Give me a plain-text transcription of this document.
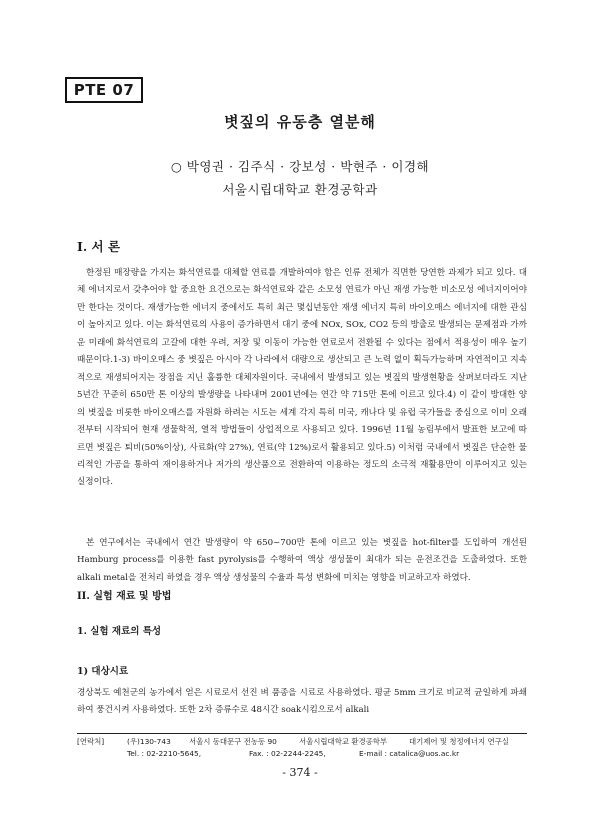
PTE 07
볏짚의 유동층 열분해
○ 박영권 · 김주식 · 강보성 · 박현주 · 이경해
서울시립대학교 환경공학과
I. 서 론

한정된 매장량을 가지는 화석연료를 대체할 연료를 개발하여야 함은 인류 전체가 직면한 당연한 과제가 되고 있다. 대체 에너지로서 갖추어야 할 중요한 요건으로는 화석연료와 같은 소모성 연료가 아닌 재생 가능한 비소모성 에너지이어야만 한다는 것이다. 재생가능한 에너지 중에서도 특히 최근 몇십년동안 재생 에너지 특히 바이오매스 에너지에 대한 관심이 높아지고 있다. 이는 화석연료의 사용이 증가하면서 대기 중에 NOx, SOx, CO2 등의 방출로 발생되는 문제점과 가까운 미래에 화석연료의 고갈에 대한 우려, 저장 및 이동이 가능한 연료로서 전환될 수 있다는 점에서 적용성이 매우 높기 때문이다.1-3) 바이오매스 중 볏짚은 아시아 각 나라에서 대량으로 생산되고 큰 노력 없이 획득가능하며 자연적이고 지속적으로 재생되어지는 장점을 지닌 훌륭한 대체자원이다. 국내에서 발생되고 있는 볏짚의 발생현황을 살펴보더라도 지난 5년간 꾸준히 650만 톤 이상의 발생량을 나타내며 2001년에는 연간 약 715만 톤에 이르고 있다.4) 이 같이 방대한 양의 볏짚을 비롯한 바이오매스를 자원화 하려는 시도는 세계 각지 특히 미국, 캐나다 및 유럽 국가들을 중심으로 이미 오래 전부터 시작되어 현재 생물학적, 열적 방법들이 상업적으로 사용되고 있다. 1996년 11월 농림부에서 발표한 보고에 따르면 볏짚은 퇴비(50%이상), 사료화(약 27%), 연료(약 12%)로서 활용되고 있다.5) 이처럼 국내에서 볏짚은 단순한 물리적인 가공을 통하여 재이용하거나 저가의 생산품으로 전환하여 이용하는 정도의 소극적 재활용만이 이루어지고 있는 실정이다.

본 연구에서는 국내에서 연간 발생량이 약 650~700만 톤에 이르고 있는 볏짚을 hot-filter를 도입하여 개선된 Hamburg process를 이용한 fast pyrolysis를 수행하여 액상 생성물이 최대가 되는 운전조건을 도출하였다. 또한 alkali metal을 전처리 하였을 경우 액상 생성물의 수율과 특성 변화에 미치는 영향을 비교하고자 하였다.

II. 실험 재료 및 방법
1. 실험 재료의 특성
1) 대상시료

경상북도 예천군의 농가에서 얻은 시료로서 선진 벼 품종을 시료로 사용하였다. 평균 5mm 크기로 비교적 균일하게 파쇄하여 풍건시켜 사용하였다. 또한 2차 증류수로 48시간 soak시킴으로서 alkali

[연락처]	(우)130-743	서울시 동대문구 전농동 90	서울시립대학교 환경공학부	대기제어 및 청정에너지 연구실
Tel. : 02-2210-5645,	Fax. : 02-2244-2245,	E-mail : catalica@uos.ac.kr
- 374 -
